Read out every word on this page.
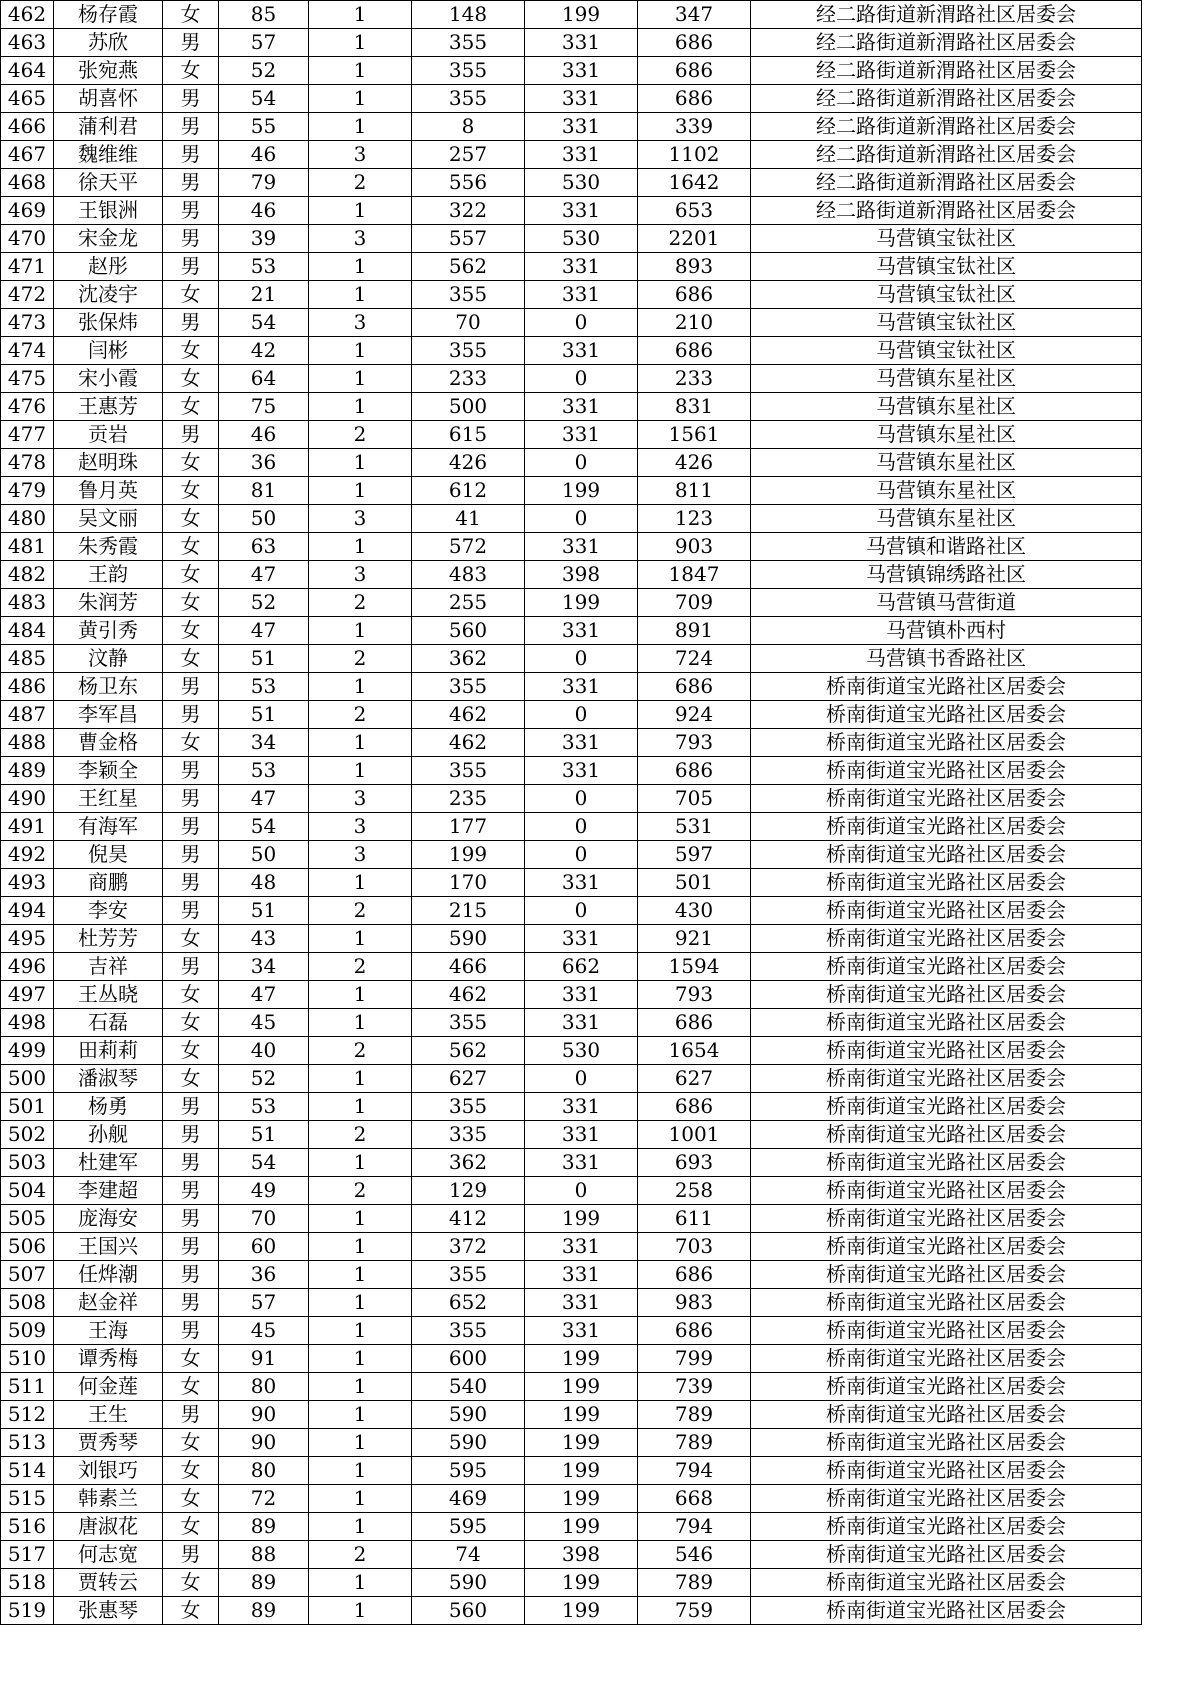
462	杨存霞	女	85	1	148	199	347	经二路街道新渭路社区居委会
463	苏欣	男	57	1	355	331	686	经二路街道新渭路社区居委会
464	张宛燕	女	52	1	355	331	686	经二路街道新渭路社区居委会
465	胡喜怀	男	54	1	355	331	686	经二路街道新渭路社区居委会
466	蒲利君	男	55	1	8	331	339	经二路街道新渭路社区居委会
467	魏维维	男	46	3	257	331	1102	经二路街道新渭路社区居委会
468	徐天平	男	79	2	556	530	1642	经二路街道新渭路社区居委会
469	王银洲	男	46	1	322	331	653	经二路街道新渭路社区居委会
470	宋金龙	男	39	3	557	530	2201	马营镇宝钛社区
471	赵彤	男	53	1	562	331	893	马营镇宝钛社区
472	沈凌宇	女	21	1	355	331	686	马营镇宝钛社区
473	张保炜	男	54	3	70	0	210	马营镇宝钛社区
474	闫彬	女	42	1	355	331	686	马营镇宝钛社区
475	宋小霞	女	64	1	233	0	233	马营镇东星社区
476	王惠芳	女	75	1	500	331	831	马营镇东星社区
477	贡岩	男	46	2	615	331	1561	马营镇东星社区
478	赵明珠	女	36	1	426	0	426	马营镇东星社区
479	鲁月英	女	81	1	612	199	811	马营镇东星社区
480	吴文丽	女	50	3	41	0	123	马营镇东星社区
481	朱秀霞	女	63	1	572	331	903	马营镇和谐路社区
482	王韵	女	47	3	483	398	1847	马营镇锦绣路社区
483	朱润芳	女	52	2	255	199	709	马营镇马营街道
484	黄引秀	女	47	1	560	331	891	马营镇朴西村
485	汶静	女	51	2	362	0	724	马营镇书香路社区
486	杨卫东	男	53	1	355	331	686	桥南街道宝光路社区居委会
487	李军昌	男	51	2	462	0	924	桥南街道宝光路社区居委会
488	曹金格	女	34	1	462	331	793	桥南街道宝光路社区居委会
489	李颖全	男	53	1	355	331	686	桥南街道宝光路社区居委会
490	王红星	男	47	3	235	0	705	桥南街道宝光路社区居委会
491	有海军	男	54	3	177	0	531	桥南街道宝光路社区居委会
492	倪昊	男	50	3	199	0	597	桥南街道宝光路社区居委会
493	商鹏	男	48	1	170	331	501	桥南街道宝光路社区居委会
494	李安	男	51	2	215	0	430	桥南街道宝光路社区居委会
495	杜芳芳	女	43	1	590	331	921	桥南街道宝光路社区居委会
496	吉祥	男	34	2	466	662	1594	桥南街道宝光路社区居委会
497	王丛晓	女	47	1	462	331	793	桥南街道宝光路社区居委会
498	石磊	女	45	1	355	331	686	桥南街道宝光路社区居委会
499	田莉莉	女	40	2	562	530	1654	桥南街道宝光路社区居委会
500	潘淑琴	女	52	1	627	0	627	桥南街道宝光路社区居委会
501	杨勇	男	53	1	355	331	686	桥南街道宝光路社区居委会
502	孙舰	男	51	2	335	331	1001	桥南街道宝光路社区居委会
503	杜建军	男	54	1	362	331	693	桥南街道宝光路社区居委会
504	李建超	男	49	2	129	0	258	桥南街道宝光路社区居委会
505	庞海安	男	70	1	412	199	611	桥南街道宝光路社区居委会
506	王国兴	男	60	1	372	331	703	桥南街道宝光路社区居委会
507	任烨潮	男	36	1	355	331	686	桥南街道宝光路社区居委会
508	赵金祥	男	57	1	652	331	983	桥南街道宝光路社区居委会
509	王海	男	45	1	355	331	686	桥南街道宝光路社区居委会
510	谭秀梅	女	91	1	600	199	799	桥南街道宝光路社区居委会
511	何金莲	女	80	1	540	199	739	桥南街道宝光路社区居委会
512	王生	男	90	1	590	199	789	桥南街道宝光路社区居委会
513	贾秀琴	女	90	1	590	199	789	桥南街道宝光路社区居委会
514	刘银巧	女	80	1	595	199	794	桥南街道宝光路社区居委会
515	韩素兰	女	72	1	469	199	668	桥南街道宝光路社区居委会
516	唐淑花	女	89	1	595	199	794	桥南街道宝光路社区居委会
517	何志宽	男	88	2	74	398	546	桥南街道宝光路社区居委会
518	贾转云	女	89	1	590	199	789	桥南街道宝光路社区居委会
519	张惠琴	女	89	1	560	199	759	桥南街道宝光路社区居委会
